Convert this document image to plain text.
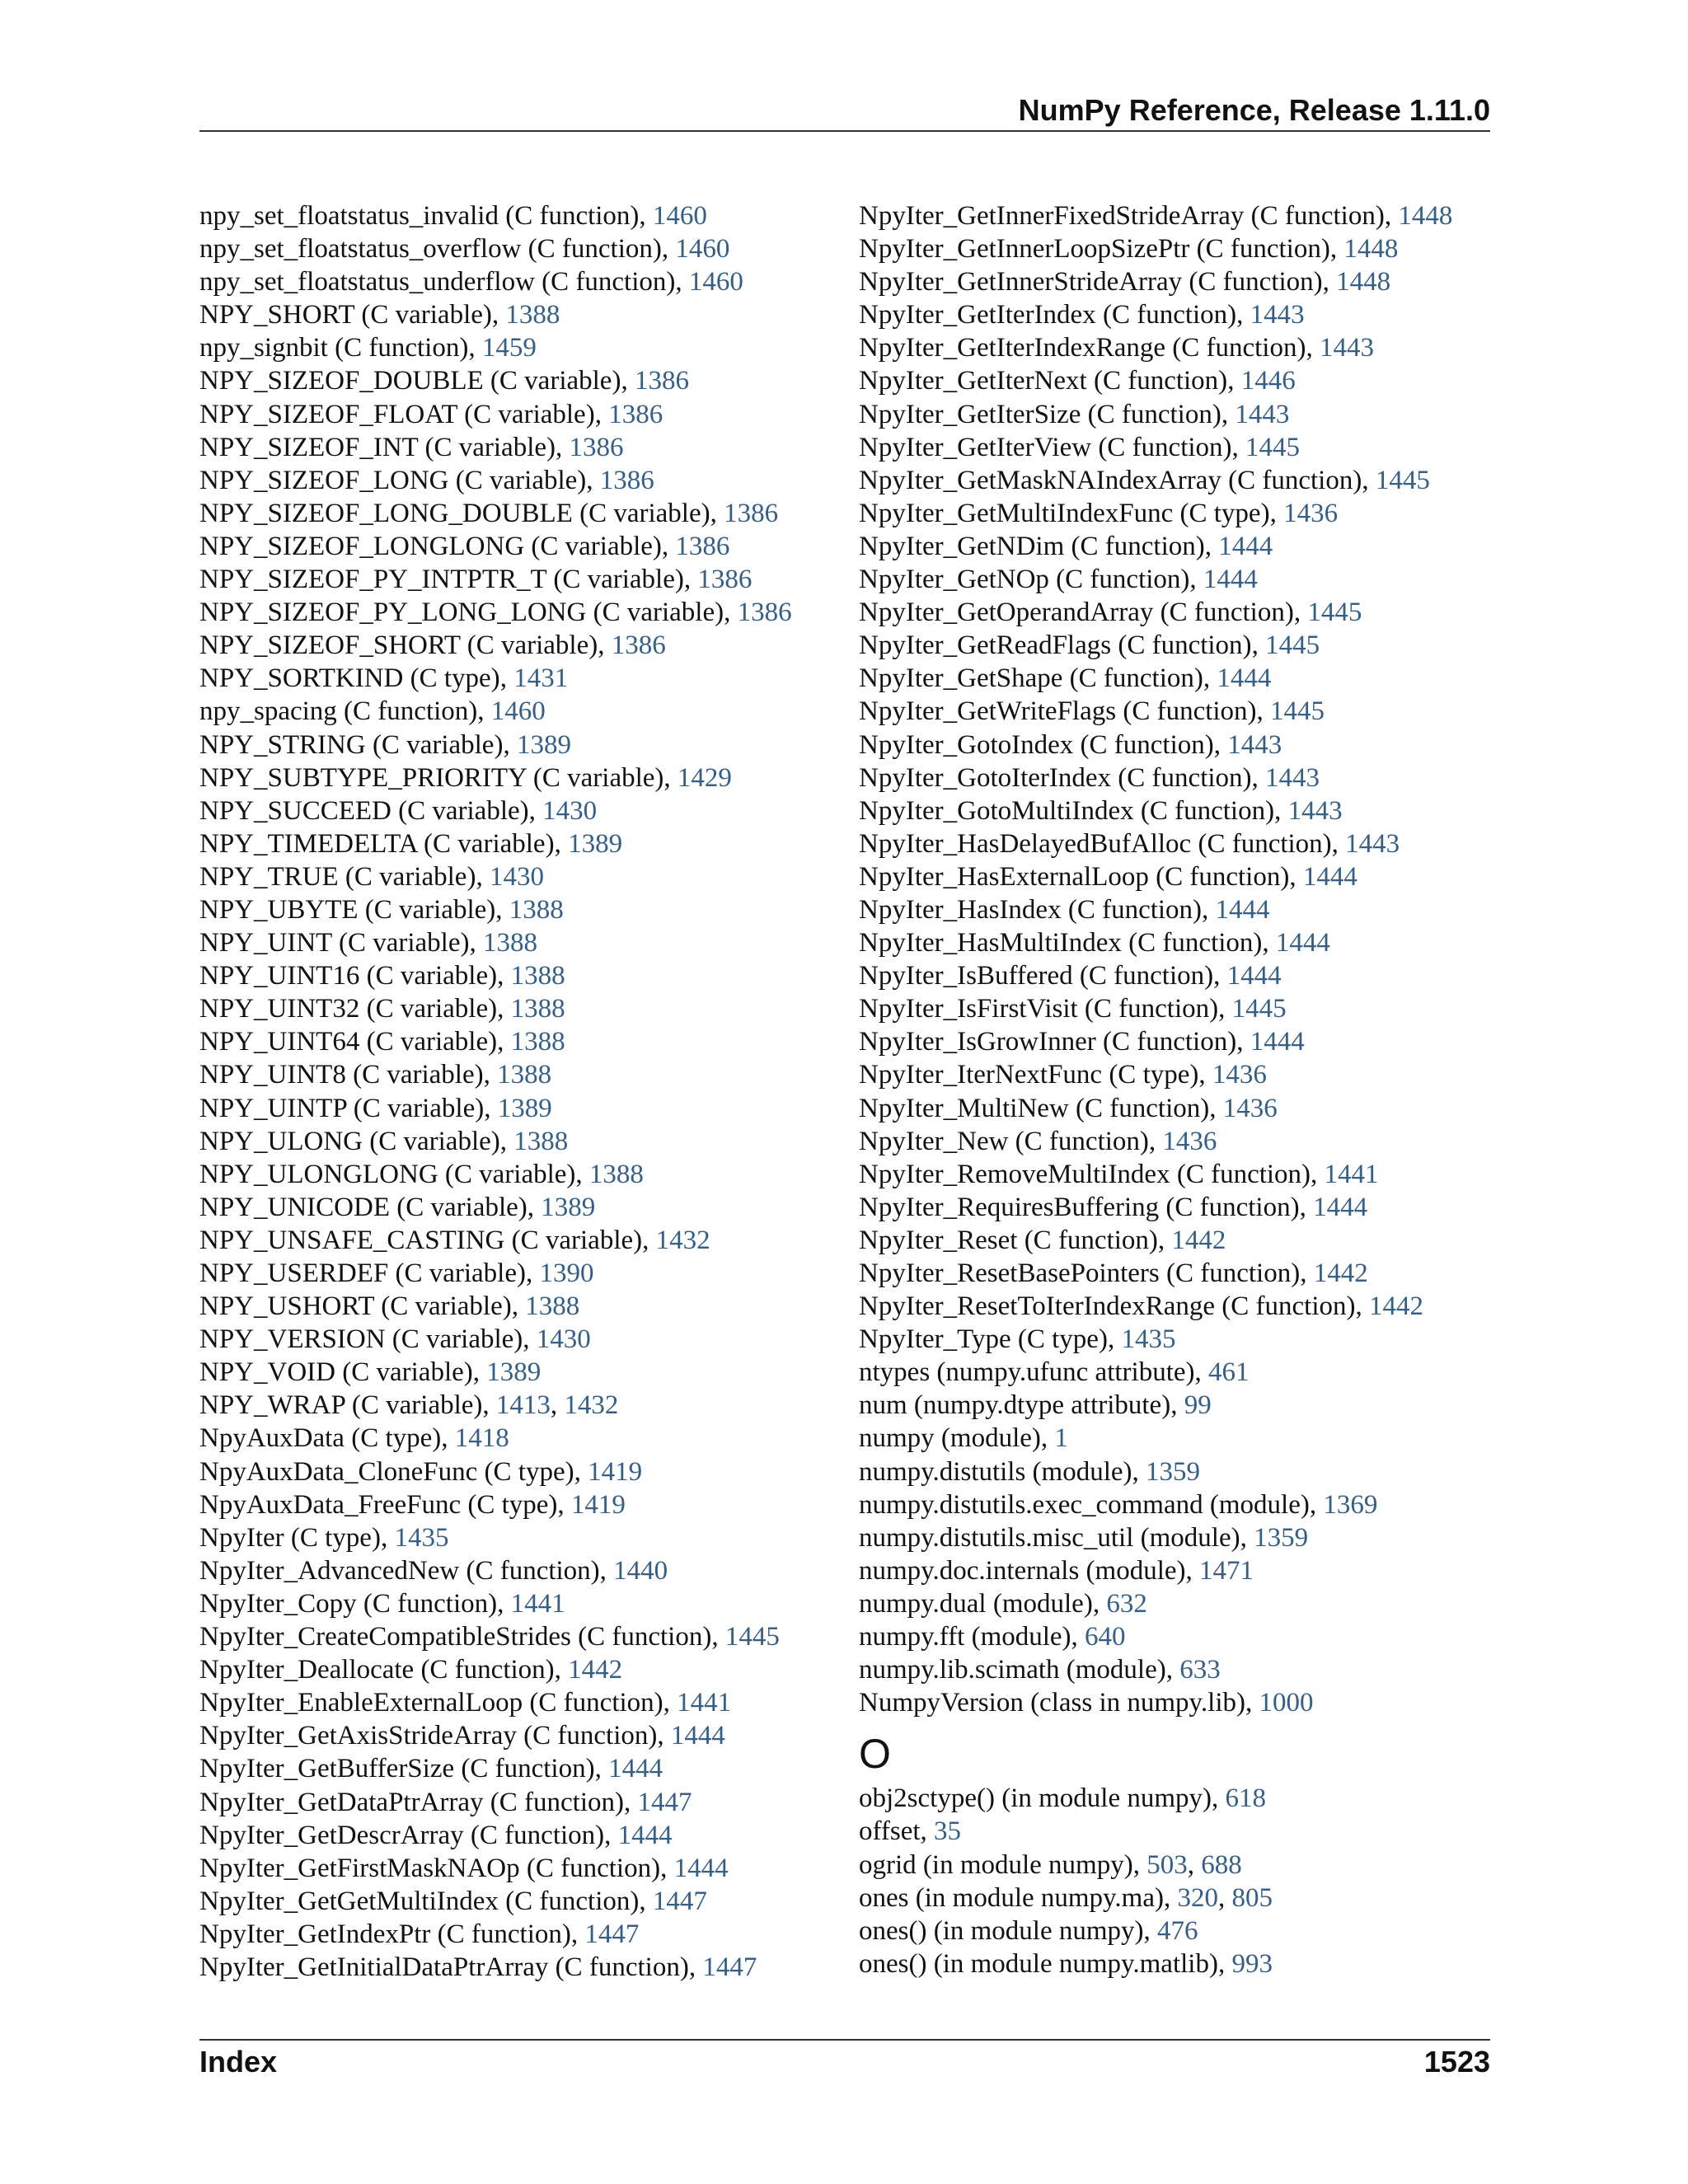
NumPy Reference, Release 1.11.0
npy_set_floatstatus_invalid (C function), 1460
npy_set_floatstatus_overflow (C function), 1460
npy_set_floatstatus_underflow (C function), 1460
NPY_SHORT (C variable), 1388
npy_signbit (C function), 1459
NPY_SIZEOF_DOUBLE (C variable), 1386
NPY_SIZEOF_FLOAT (C variable), 1386
NPY_SIZEOF_INT (C variable), 1386
NPY_SIZEOF_LONG (C variable), 1386
NPY_SIZEOF_LONG_DOUBLE (C variable), 1386
NPY_SIZEOF_LONGLONG (C variable), 1386
NPY_SIZEOF_PY_INTPTR_T (C variable), 1386
NPY_SIZEOF_PY_LONG_LONG (C variable), 1386
NPY_SIZEOF_SHORT (C variable), 1386
NPY_SORTKIND (C type), 1431
npy_spacing (C function), 1460
NPY_STRING (C variable), 1389
NPY_SUBTYPE_PRIORITY (C variable), 1429
NPY_SUCCEED (C variable), 1430
NPY_TIMEDELTA (C variable), 1389
NPY_TRUE (C variable), 1430
NPY_UBYTE (C variable), 1388
NPY_UINT (C variable), 1388
NPY_UINT16 (C variable), 1388
NPY_UINT32 (C variable), 1388
NPY_UINT64 (C variable), 1388
NPY_UINT8 (C variable), 1388
NPY_UINTP (C variable), 1389
NPY_ULONG (C variable), 1388
NPY_ULONGLONG (C variable), 1388
NPY_UNICODE (C variable), 1389
NPY_UNSAFE_CASTING (C variable), 1432
NPY_USERDEF (C variable), 1390
NPY_USHORT (C variable), 1388
NPY_VERSION (C variable), 1430
NPY_VOID (C variable), 1389
NPY_WRAP (C variable), 1413, 1432
NpyAuxData (C type), 1418
NpyAuxData_CloneFunc (C type), 1419
NpyAuxData_FreeFunc (C type), 1419
NpyIter (C type), 1435
NpyIter_AdvancedNew (C function), 1440
NpyIter_Copy (C function), 1441
NpyIter_CreateCompatibleStrides (C function), 1445
NpyIter_Deallocate (C function), 1442
NpyIter_EnableExternalLoop (C function), 1441
NpyIter_GetAxisStrideArray (C function), 1444
NpyIter_GetBufferSize (C function), 1444
NpyIter_GetDataPtrArray (C function), 1447
NpyIter_GetDescrArray (C function), 1444
NpyIter_GetFirstMaskNAOp (C function), 1444
NpyIter_GetGetMultiIndex (C function), 1447
NpyIter_GetIndexPtr (C function), 1447
NpyIter_GetInitialDataPtrArray (C function), 1447
NpyIter_GetInnerFixedStrideArray (C function), 1448
NpyIter_GetInnerLoopSizePtr (C function), 1448
NpyIter_GetInnerStrideArray (C function), 1448
NpyIter_GetIterIndex (C function), 1443
NpyIter_GetIterIndexRange (C function), 1443
NpyIter_GetIterNext (C function), 1446
NpyIter_GetIterSize (C function), 1443
NpyIter_GetIterView (C function), 1445
NpyIter_GetMaskNAIndexArray (C function), 1445
NpyIter_GetMultiIndexFunc (C type), 1436
NpyIter_GetNDim (C function), 1444
NpyIter_GetNOp (C function), 1444
NpyIter_GetOperandArray (C function), 1445
NpyIter_GetReadFlags (C function), 1445
NpyIter_GetShape (C function), 1444
NpyIter_GetWriteFlags (C function), 1445
NpyIter_GotoIndex (C function), 1443
NpyIter_GotoIterIndex (C function), 1443
NpyIter_GotoMultiIndex (C function), 1443
NpyIter_HasDelayedBufAlloc (C function), 1443
NpyIter_HasExternalLoop (C function), 1444
NpyIter_HasIndex (C function), 1444
NpyIter_HasMultiIndex (C function), 1444
NpyIter_IsBuffered (C function), 1444
NpyIter_IsFirstVisit (C function), 1445
NpyIter_IsGrowInner (C function), 1444
NpyIter_IterNextFunc (C type), 1436
NpyIter_MultiNew (C function), 1436
NpyIter_New (C function), 1436
NpyIter_RemoveMultiIndex (C function), 1441
NpyIter_RequiresBuffering (C function), 1444
NpyIter_Reset (C function), 1442
NpyIter_ResetBasePointers (C function), 1442
NpyIter_ResetToIterIndexRange (C function), 1442
NpyIter_Type (C type), 1435
ntypes (numpy.ufunc attribute), 461
num (numpy.dtype attribute), 99
numpy (module), 1
numpy.distutils (module), 1359
numpy.distutils.exec_command (module), 1369
numpy.distutils.misc_util (module), 1359
numpy.doc.internals (module), 1471
numpy.dual (module), 632
numpy.fft (module), 640
numpy.lib.scimath (module), 633
NumpyVersion (class in numpy.lib), 1000
O
obj2sctype() (in module numpy), 618
offset, 35
ogrid (in module numpy), 503, 688
ones (in module numpy.ma), 320, 805
ones() (in module numpy), 476
ones() (in module numpy.matlib), 993
Index	1523
